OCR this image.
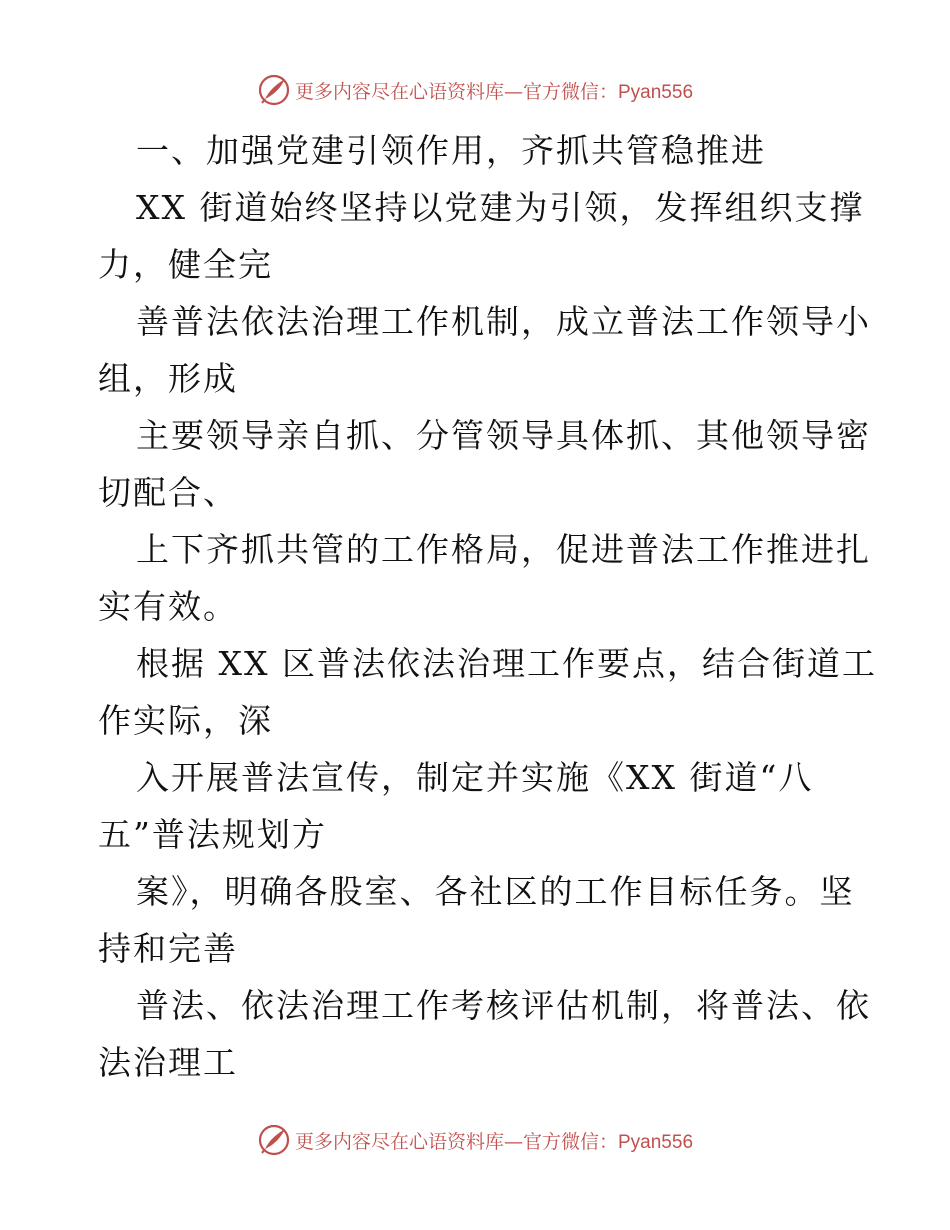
更多内容尽在心语资料库—官方微信：Pyan556
一、加强党建引领作用，齐抓共管稳推进
XX 街道始终坚持以党建为引领，发挥组织支撑
力，健全完
善普法依法治理工作机制，成立普法工作领导小
组，形成
主要领导亲自抓、分管领导具体抓、其他领导密
切配合、
上下齐抓共管的工作格局，促进普法工作推进扎
实有效。
根据 XX 区普法依法治理工作要点，结合街道工
作实际，深
入开展普法宣传，制定并实施《XX 街道“八
五”普法规划方
案》，明确各股室、各社区的工作目标任务。坚
持和完善
普法、依法治理工作考核评估机制，将普法、依
法治理工
更多内容尽在心语资料库—官方微信：Pyan556
